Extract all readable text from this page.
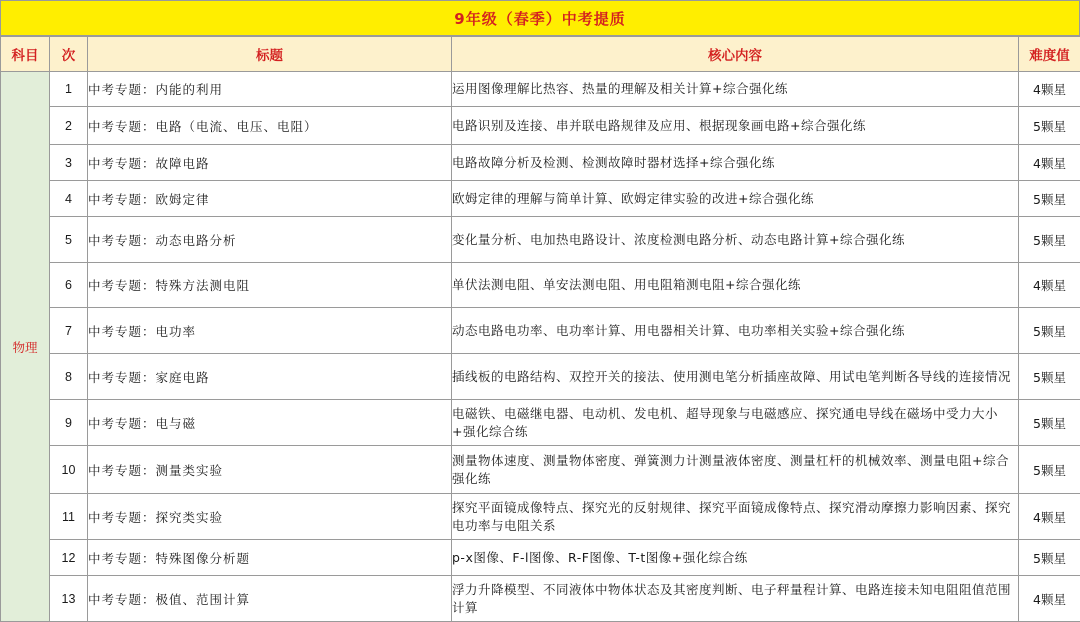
9年级（春季）中考提质
科目	次	标题	核心内容	难度值
物理	1	中考专题：内能的利用	运用图像理解比热容、热量的理解及相关计算+综合强化练	4颗星
	2	中考专题：电路（电流、电压、电阻）	电路识别及连接、串并联电路规律及应用、根据现象画电路+综合强化练	5颗星
	3	中考专题：故障电路	电路故障分析及检测、检测故障时器材选择+综合强化练	4颗星
	4	中考专题：欧姆定律	欧姆定律的理解与简单计算、欧姆定律实验的改进+综合强化练	5颗星
	5	中考专题：动态电路分析	变化量分析、电加热电路设计、浓度检测电路分析、动态电路计算+综合强化练	5颗星
	6	中考专题：特殊方法测电阻	单伏法测电阻、单安法测电阻、用电阻箱测电阻+综合强化练	4颗星
	7	中考专题：电功率	动态电路电功率、电功率计算、用电器相关计算、电功率相关实验+综合强化练	5颗星
	8	中考专题：家庭电路	插线板的电路结构、双控开关的接法、使用测电笔分析插座故障、用试电笔判断各导线的连接情况	5颗星
	9	中考专题：电与磁	电磁铁、电磁继电器、电动机、发电机、超导现象与电磁感应、探究通电导线在磁场中受力大小+强化综合练	5颗星
	10	中考专题：测量类实验	测量物体速度、测量物体密度、弹簧测力计测量液体密度、测量杠杆的机械效率、测量电阻+综合强化练	5颗星
	11	中考专题：探究类实验	探究平面镜成像特点、探究光的反射规律、探究平面镜成像特点、探究滑动摩擦力影响因素、探究电功率与电阻关系	4颗星
	12	中考专题：特殊图像分析题	p-x图像、F-l图像、R-F图像、T-t图像+强化综合练	5颗星
	13	中考专题：极值、范围计算	浮力升降模型、不同液体中物体状态及其密度判断、电子秤量程计算、电路连接未知电阻阻值范围计算	4颗星
